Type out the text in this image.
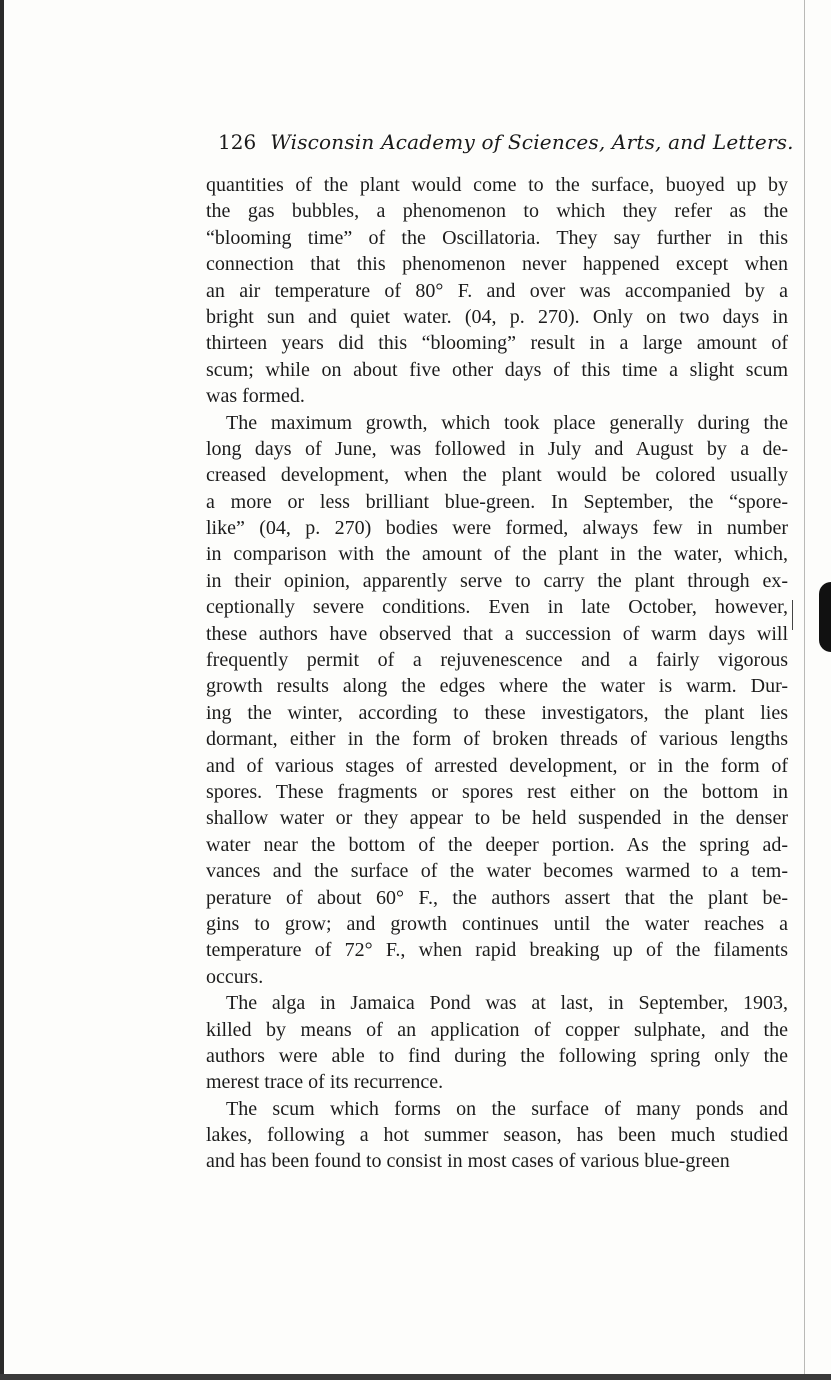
126 Wisconsin Academy of Sciences, Arts, and Letters.

quantities of the plant would come to the surface, buoyed up by
the gas bubbles, a phenomenon to which they refer as the
“blooming time” of the Oscillatoria. They say further in this
connection that this phenomenon never happened except when
an air temperature of 80° F. and over was accompanied by a
bright sun and quiet water. (04, p. 270). Only on two days in
thirteen years did this “blooming” result in a large amount of
scum; while on about five other days of this time a slight scum
was formed.

The maximum growth, which took place generally during the
long days of June, was followed in July and August by a de-
creased development, when the plant would be colored usually
a more or less brilliant blue-green. In September, the “spore-
like” (04, p. 270) bodies were formed, always few in number
in comparison with the amount of the plant in the water, which,
in their opinion, apparently serve to carry the plant through ex-
ceptionally severe conditions. Even in late October, however,
these authors have observed that a succession of warm days will
frequently permit of a rejuvenescence and a fairly vigorous
growth results along the edges where the water is warm. Dur-
ing the winter, according to these investigators, the plant lies
dormant, either in the form of broken threads of various lengths
and of various stages of arrested development, or in the form of
spores. These fragments or spores rest either on the bottom in
shallow water or they appear to be held suspended in the denser
water near the bottom of the deeper portion. As the spring ad-
vances and the surface of the water becomes warmed to a tem-
perature of about 60° F., the authors assert that the plant be-
gins to grow; and growth continues until the water reaches a
temperature of 72° F., when rapid breaking up of the filaments
occurs.

The alga in Jamaica Pond was at last, in September, 1903,
killed by means of an application of copper sulphate, and the
authors were able to find during the following spring only the
merest trace of its recurrence.

The scum which forms on the surface of many ponds and
lakes, following a hot summer season, has been much studied
and has been found to consist in most cases of various blue-green
